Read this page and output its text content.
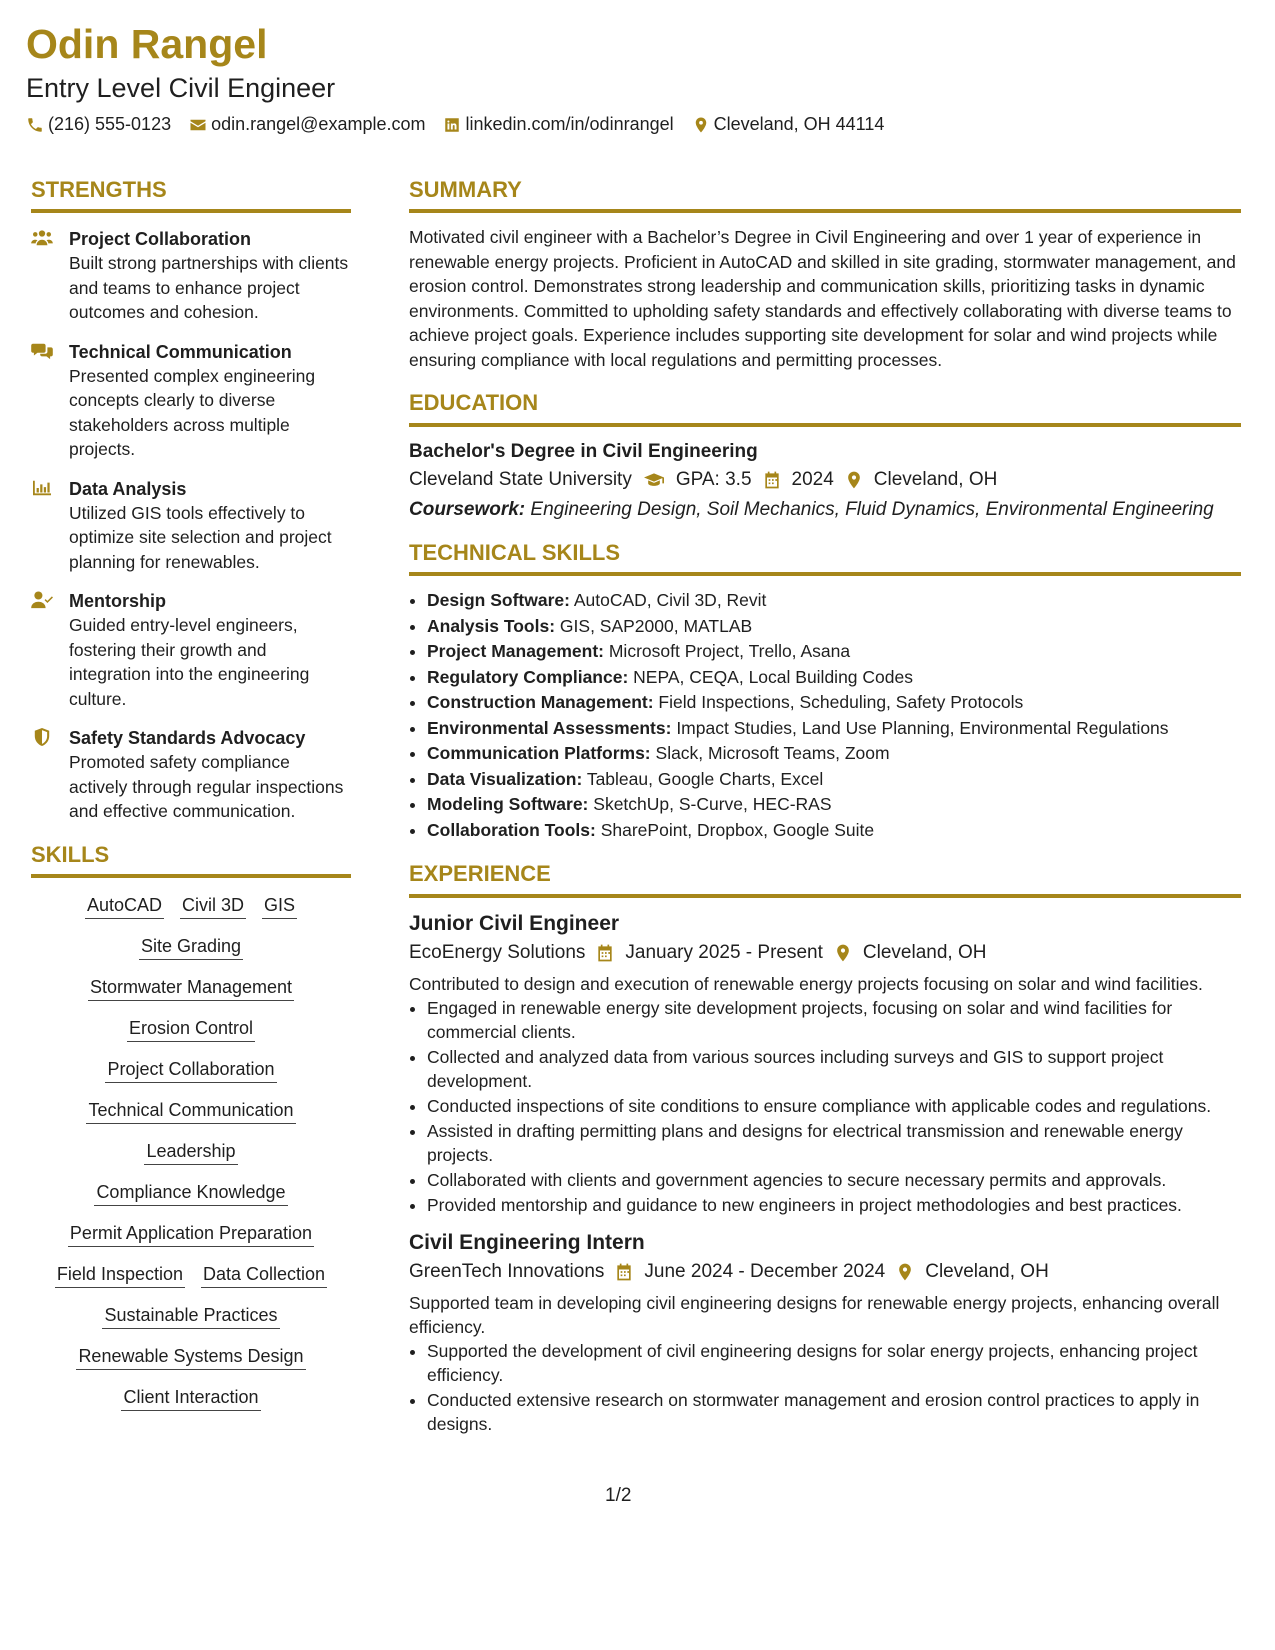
Odin Rangel
Entry Level Civil Engineer
(216) 555-0123 odin.rangel@example.com linkedin.com/in/odinrangel Cleveland, OH 44114
STRENGTHS
Project Collaboration
Built strong partnerships with clients and teams to enhance project outcomes and cohesion.
Technical Communication
Presented complex engineering concepts clearly to diverse stakeholders across multiple projects.
Data Analysis
Utilized GIS tools effectively to optimize site selection and project planning for renewables.
Mentorship
Guided entry-level engineers, fostering their growth and integration into the engineering culture.
Safety Standards Advocacy
Promoted safety compliance actively through regular inspections and effective communication.
SKILLS
AutoCAD Civil 3D GIS
Site Grading
Stormwater Management
Erosion Control
Project Collaboration
Technical Communication
Leadership
Compliance Knowledge
Permit Application Preparation
Field Inspection Data Collection
Sustainable Practices
Renewable Systems Design
Client Interaction
SUMMARY
Motivated civil engineer with a Bachelor’s Degree in Civil Engineering and over 1 year of experience in renewable energy projects. Proficient in AutoCAD and skilled in site grading, stormwater management, and erosion control. Demonstrates strong leadership and communication skills, prioritizing tasks in dynamic environments. Committed to upholding safety standards and effectively collaborating with diverse teams to achieve project goals. Experience includes supporting site development for solar and wind projects while ensuring compliance with local regulations and permitting processes.
EDUCATION
Bachelor's Degree in Civil Engineering
Cleveland State University GPA: 3.5 2024 Cleveland, OH
Coursework: Engineering Design, Soil Mechanics, Fluid Dynamics, Environmental Engineering
TECHNICAL SKILLS
• Design Software: AutoCAD, Civil 3D, Revit
• Analysis Tools: GIS, SAP2000, MATLAB
• Project Management: Microsoft Project, Trello, Asana
• Regulatory Compliance: NEPA, CEQA, Local Building Codes
• Construction Management: Field Inspections, Scheduling, Safety Protocols
• Environmental Assessments: Impact Studies, Land Use Planning, Environmental Regulations
• Communication Platforms: Slack, Microsoft Teams, Zoom
• Data Visualization: Tableau, Google Charts, Excel
• Modeling Software: SketchUp, S-Curve, HEC-RAS
• Collaboration Tools: SharePoint, Dropbox, Google Suite
EXPERIENCE
Junior Civil Engineer
EcoEnergy Solutions January 2025 - Present Cleveland, OH
Contributed to design and execution of renewable energy projects focusing on solar and wind facilities.
• Engaged in renewable energy site development projects, focusing on solar and wind facilities for commercial clients.
• Collected and analyzed data from various sources including surveys and GIS to support project development.
• Conducted inspections of site conditions to ensure compliance with applicable codes and regulations.
• Assisted in drafting permitting plans and designs for electrical transmission and renewable energy projects.
• Collaborated with clients and government agencies to secure necessary permits and approvals.
• Provided mentorship and guidance to new engineers in project methodologies and best practices.
Civil Engineering Intern
GreenTech Innovations June 2024 - December 2024 Cleveland, OH
Supported team in developing civil engineering designs for renewable energy projects, enhancing overall efficiency.
• Supported the development of civil engineering designs for solar energy projects, enhancing project efficiency.
• Conducted extensive research on stormwater management and erosion control practices to apply in designs.
1/2
